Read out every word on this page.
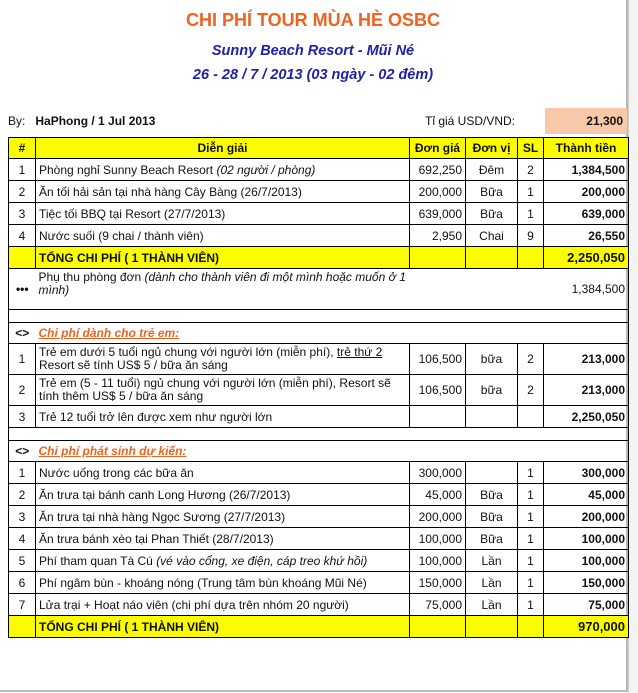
CHI PHÍ TOUR MÙA HÈ OSBC
Sunny Beach Resort - Mũi Né
26 - 28 / 7 / 2013 (03 ngày - 02 đêm)
By: HaPhong / 1 Jul 2013	Tỉ giá USD/VND:	21,300
#	Diễn giải	Đơn giá	Đơn vị	SL	Thành tiền
1	Phòng nghỉ Sunny Beach Resort (02 người / phòng)	692,250	Đêm	2	1,384,500
2	Ăn tối hải sản tại nhà hàng Cây Bàng (26/7/2013)	200,000	Bữa	1	200,000
3	Tiệc tối BBQ tại Resort (27/7/2013)	639,000	Bữa	1	639,000
4	Nước suối (9 chai / thành viên)	2,950	Chai	9	26,550
	TỔNG CHI PHÍ ( 1 THÀNH VIÊN)				2,250,050
•••	Phụ thu phòng đơn (dành cho thành viên đi một mình hoặc muốn ở 1 mình)				1,384,500

<>	Chi phí dành cho trẻ em:				
1	Trẻ em dưới 5 tuổi ngủ chung với người lớn (miễn phí), trẻ thứ 2 Resort sẽ tính US$ 5 / bữa ăn sáng	106,500	bữa	2	213,000
2	Trẻ em (5 - 11 tuổi) ngủ chung với người lớn (miễn phí), Resort sẽ tính thêm US$ 5 / bữa ăn sáng	106,500	bữa	2	213,000
3	Trẻ 12 tuổi trở lên được xem như người lớn				2,250,050

<>	Chi phí phát sinh dự kiến:				
1	Nước uống trong các bữa ăn	300,000		1	300,000
2	Ăn trưa tại bánh canh Long Hương (26/7/2013)	45,000	Bữa	1	45,000
3	Ăn trưa tại nhà hàng Ngọc Sương (27/7/2013)	200,000	Bữa	1	200,000
4	Ăn trưa bánh xèo tại Phan Thiết (28/7/2013)	100,000	Bữa	1	100,000
5	Phí tham quan Tà Cú (vé vào cổng, xe điện, cáp treo khứ hồi)	100,000	Lần	1	100,000
6	Phí ngâm bùn - khoáng nóng (Trung tâm bùn khoáng Mũi Né)	150,000	Lần	1	150,000
7	Lửa trại + Hoạt náo viên (chi phí dựa trên nhóm 20 người)	75,000	Lần	1	75,000
	TỔNG CHI PHÍ ( 1 THÀNH VIÊN)				970,000
